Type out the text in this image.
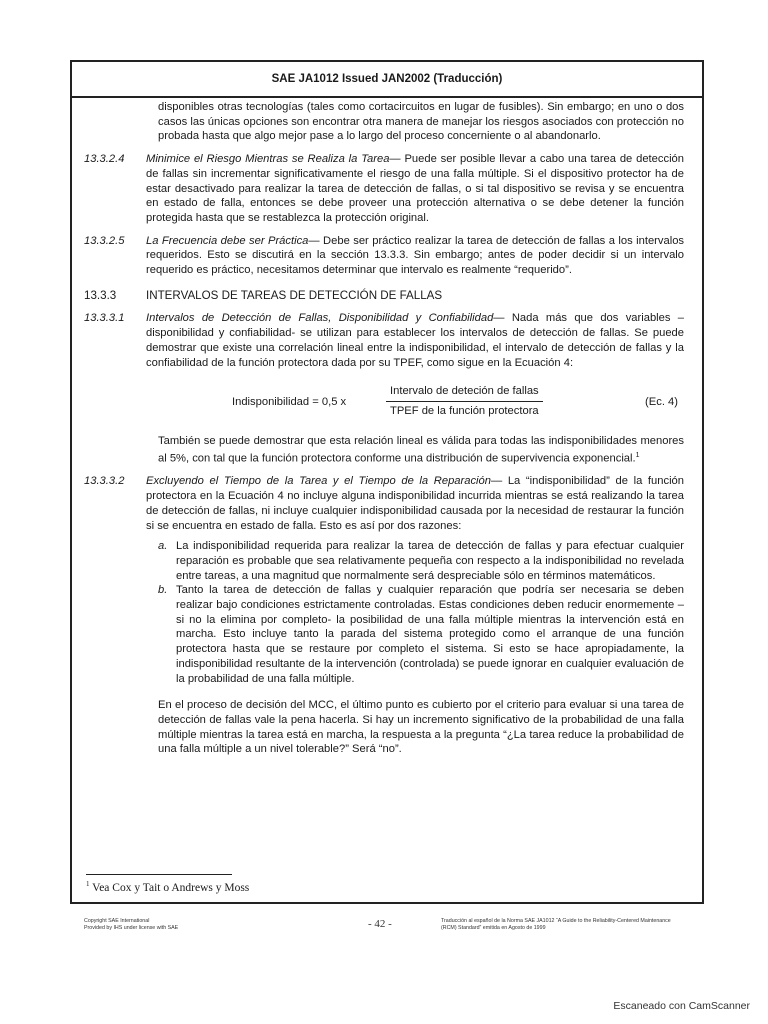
SAE JA1012 Issued JAN2002 (Traducción)

disponibles otras tecnologías (tales como cortacircuitos en lugar de fusibles). Sin embargo; en uno o dos casos las únicas opciones son encontrar otra manera de manejar los riesgos asociados con protección no probada hasta que algo mejor pase a lo largo del proceso concerniente o al abandonarlo.

13.3.2.4	Minimice el Riesgo Mientras se Realiza la Tarea— Puede ser posible llevar a cabo una tarea de detección de fallas sin incrementar significativamente el riesgo de una falla múltiple. Si el dispositivo protector ha de estar desactivado para realizar la tarea de detección de fallas, o si tal dispositivo se revisa y se encuentra en estado de falla, entonces se debe proveer una protección alternativa o se debe detener la función protegida hasta que se restablezca la protección original.
13.3.2.5	La Frecuencia debe ser Práctica— Debe ser práctico realizar la tarea de detección de fallas a los intervalos requeridos. Esto se discutirá en la sección 13.3.3. Sin embargo; antes de poder decidir si un intervalo requerido es práctico, necesitamos determinar que intervalo es realmente “requerido”.
13.3.3	INTERVALOS DE TAREAS DE DETECCIÓN DE FALLAS
13.3.3.1	Intervalos de Detección de Fallas, Disponibilidad y Confiabilidad— Nada más que dos variables –disponibilidad y confiabilidad- se utilizan para establecer los intervalos de detección de fallas. Se puede demostrar que existe una correlación lineal entre la indisponibilidad, el intervalo de detección de fallas y la confiabilidad de la función protectora dada por su TPEF, como sigue en la Ecuación 4:
Indisponibilidad = 0,5 x
Intervalo de deteción de fallas
TPEF de la función protectora
(Ec. 4)

También se puede demostrar que esta relación lineal es válida para todas las indisponibilidades menores al 5%, con tal que la función protectora conforme una distribución de supervivencia exponencial.$^1$

13.3.3.2	Excluyendo el Tiempo de la Tarea y el Tiempo de la Reparación— La “indisponibilidad” de la función protectora en la Ecuación 4 no incluye alguna indisponibilidad incurrida mientras se está realizando la tarea de detección de fallas, ni incluye cualquier indisponibilidad causada por la necesidad de restaurar la función si se encuentra en estado de falla. Esto es así por dos razones:
a. La indisponibilidad requerida para realizar la tarea de detección de fallas y para efectuar cualquier reparación es probable que sea relativamente pequeña con respecto a la indisponibilidad no revelada entre tareas, a una magnitud que normalmente será despreciable sólo en términos matemáticos.
b. Tanto la tarea de detección de fallas y cualquier reparación que podría ser necesaria se deben realizar bajo condiciones estrictamente controladas. Estas condiciones deben reducir enormemente –si no la elimina por completo- la posibilidad de una falla múltiple mientras la intervención está en marcha. Esto incluye tanto la parada del sistema protegido como el arranque de una función protectora hasta que se restaure por completo el sistema. Si esto se hace apropiadamente, la indisponibilidad resultante de la intervención (controlada) se puede ignorar en cualquier evaluación de la probabilidad de una falla múltiple.

En el proceso de decisión del MCC, el último punto es cubierto por el criterio para evaluar si una tarea de detección de fallas vale la pena hacerla. Si hay un incremento significativo de la probabilidad de una falla múltiple mientras la tarea está en marcha, la respuesta a la pregunta “¿La tarea reduce la probabilidad de una falla múltiple a un nivel tolerable?” Será “no”.

$^1$ Vea Cox y Tait o Andrews y Moss
Copyright SAE International
Provided by IHS under license with SAE	- 42 -	Traducción al español de la Norma SAE JA1012 “A Guide to the Reliability-Centered Maintenance (RCM) Standard” emitida en Agosto de 1999
Escaneado con CamScanner
